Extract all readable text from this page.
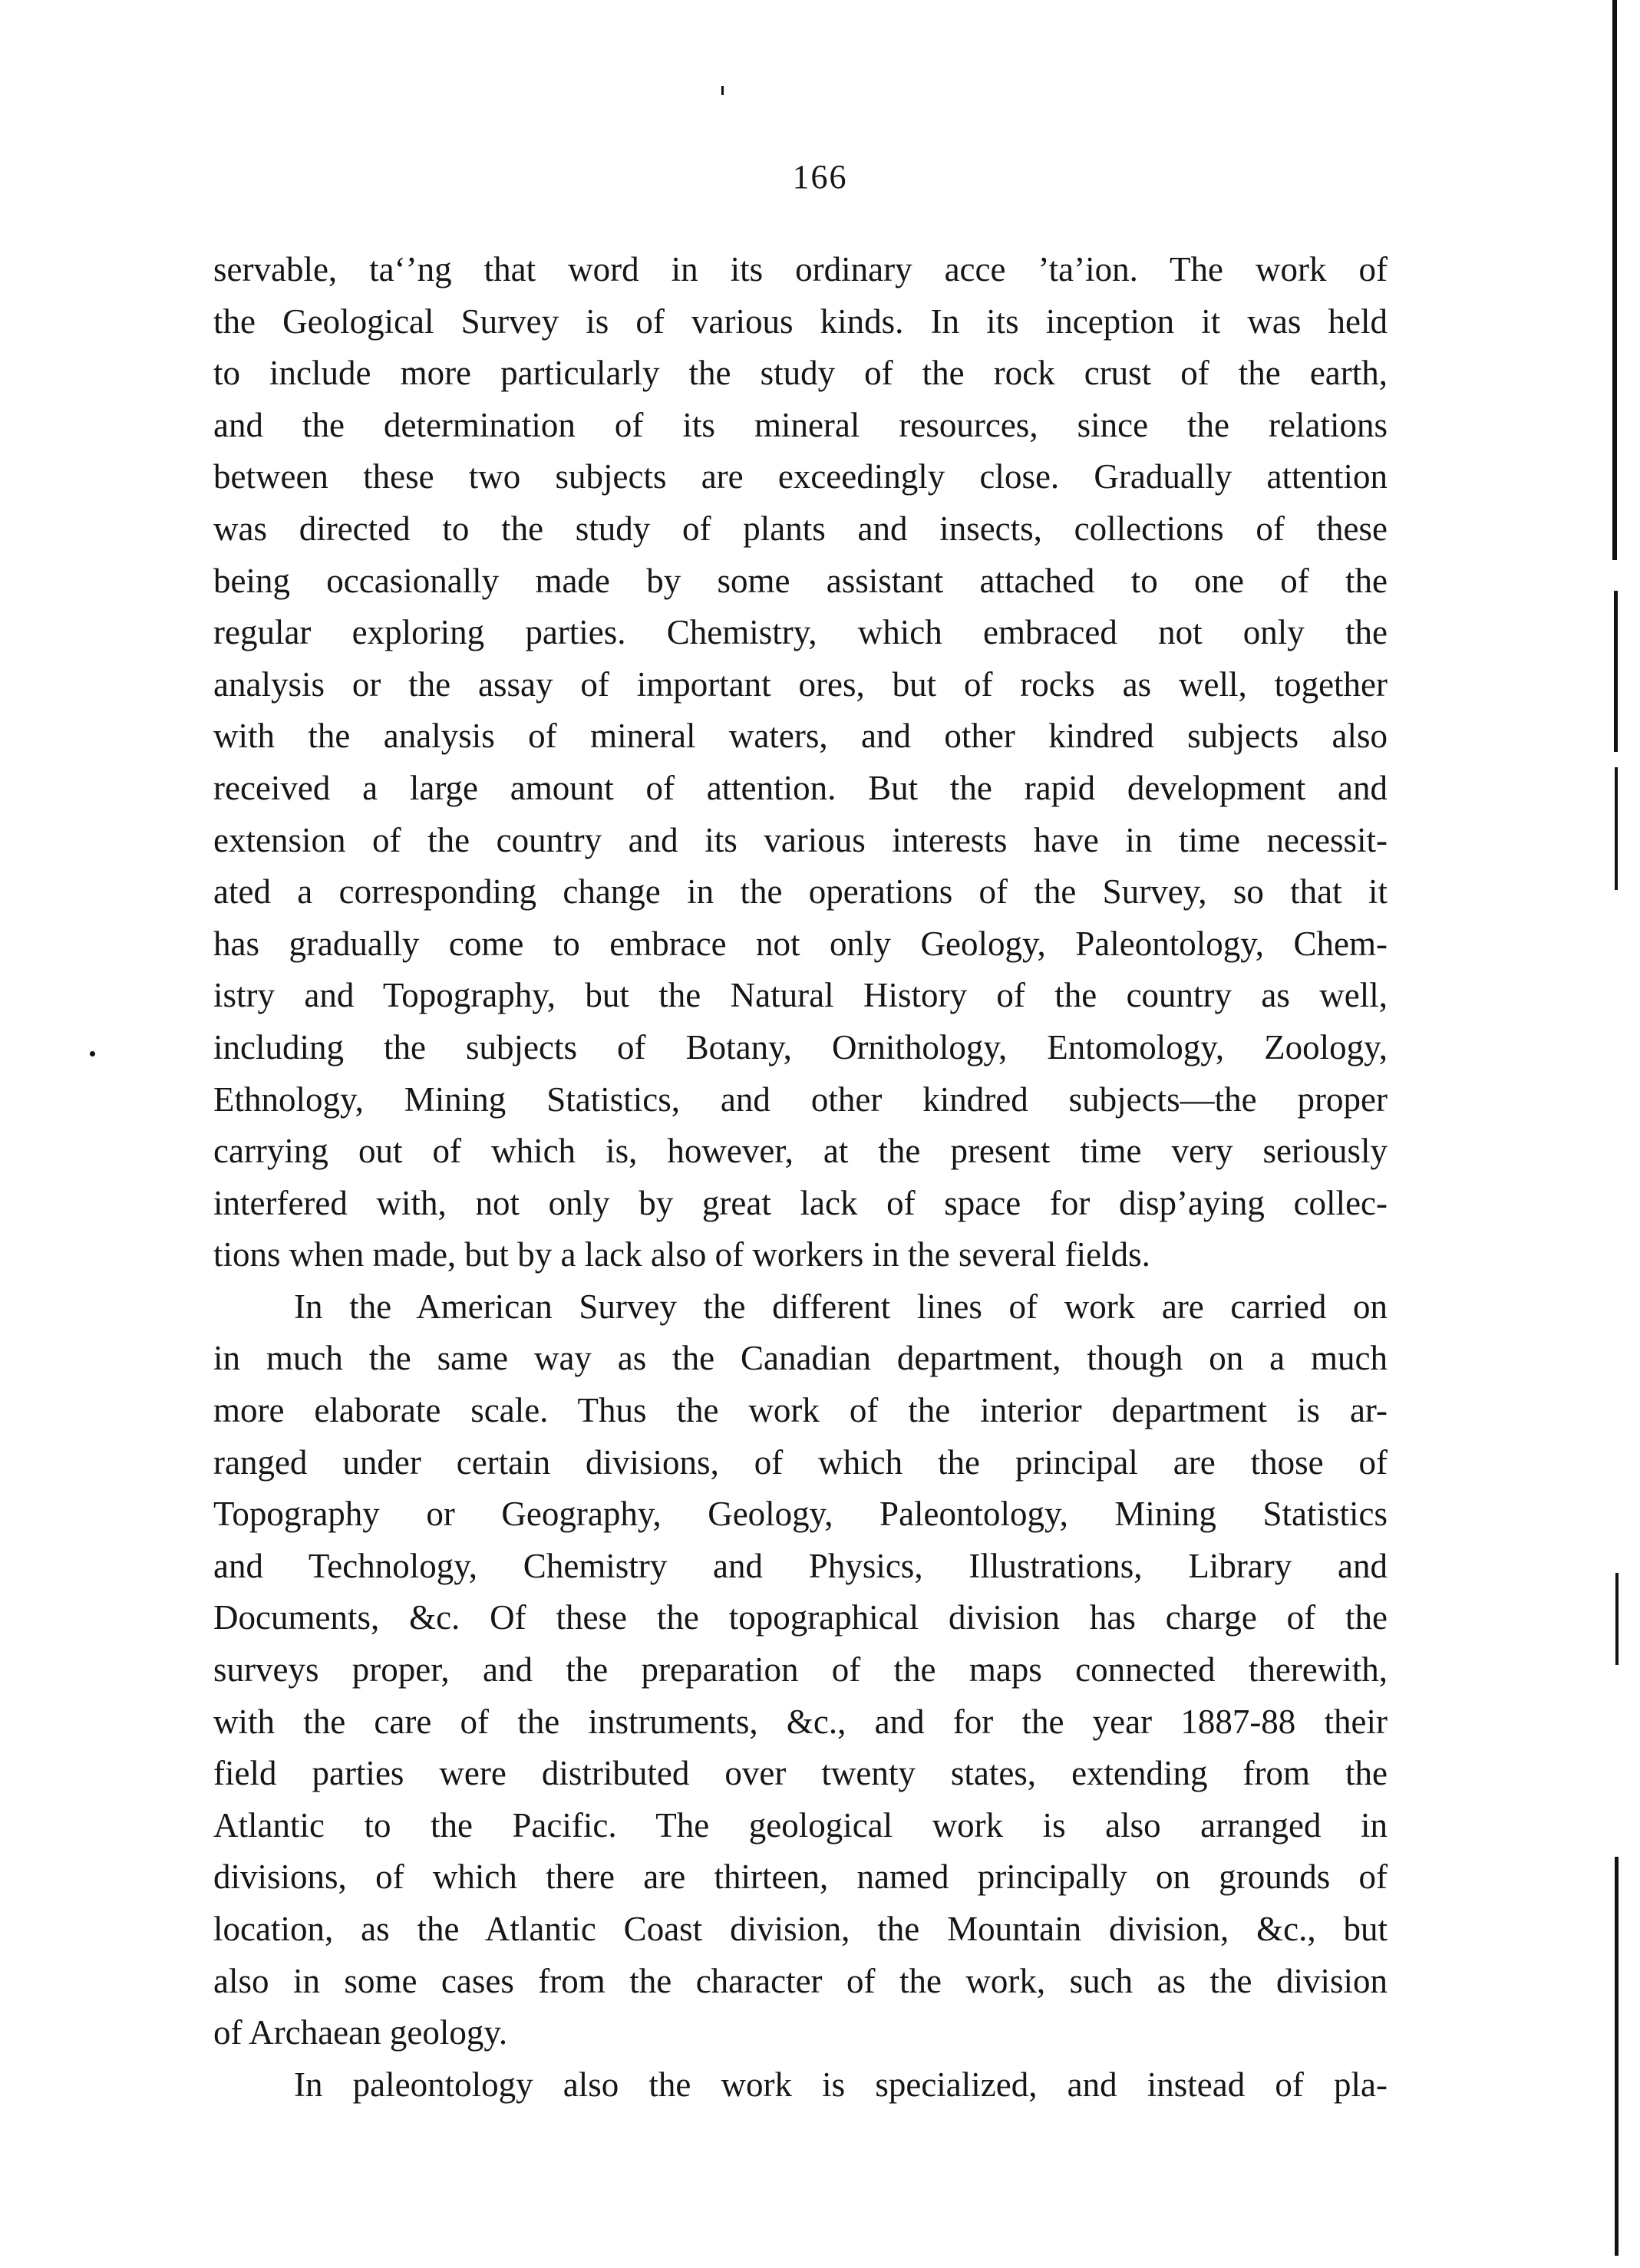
166
servable, ta‘’ng that word in its ordinary acce ’ta’ion. The work of
the Geological Survey is of various kinds. In its inception it was held
to include more particularly the study of the rock crust of the earth,
and the determination of its mineral resources, since the relations
between these two subjects are exceedingly close. Gradually attention
was directed to the study of plants and insects, collections of these
being occasionally made by some assistant attached to one of the
regular exploring parties. Chemistry, which embraced not only the
analysis or the assay of important ores, but of rocks as well, together
with the analysis of mineral waters, and other kindred subjects also
received a large amount of attention. But the rapid development and
extension of the country and its various interests have in time necessit-
ated a corresponding change in the operations of the Survey, so that it
has gradually come to embrace not only Geology, Paleontology, Chem-
istry and Topography, but the Natural History of the country as well,
including the subjects of Botany, Ornithology, Entomology, Zoology,
Ethnology, Mining Statistics, and other kindred subjects—the proper
carrying out of which is, however, at the present time very seriously
interfered with, not only by great lack of space for disp’aying collec-
tions when made, but by a lack also of workers in the several fields.
In the American Survey the different lines of work are carried on
in much the same way as the Canadian department, though on a much
more elaborate scale. Thus the work of the interior department is ar-
ranged under certain divisions, of which the principal are those of
Topography or Geography, Geology, Paleontology, Mining Statistics
and Technology, Chemistry and Physics, Illustrations, Library and
Documents, &c. Of these the topographical division has charge of the
surveys proper, and the preparation of the maps connected therewith,
with the care of the instruments, &c., and for the year 1887-88 their
field parties were distributed over twenty states, extending from the
Atlantic to the Pacific. The geological work is also arranged in
divisions, of which there are thirteen, named principally on grounds of
location, as the Atlantic Coast division, the Mountain division, &c., but
also in some cases from the character of the work, such as the division
of Archaean geology.
In paleontology also the work is specialized, and instead of pla-
